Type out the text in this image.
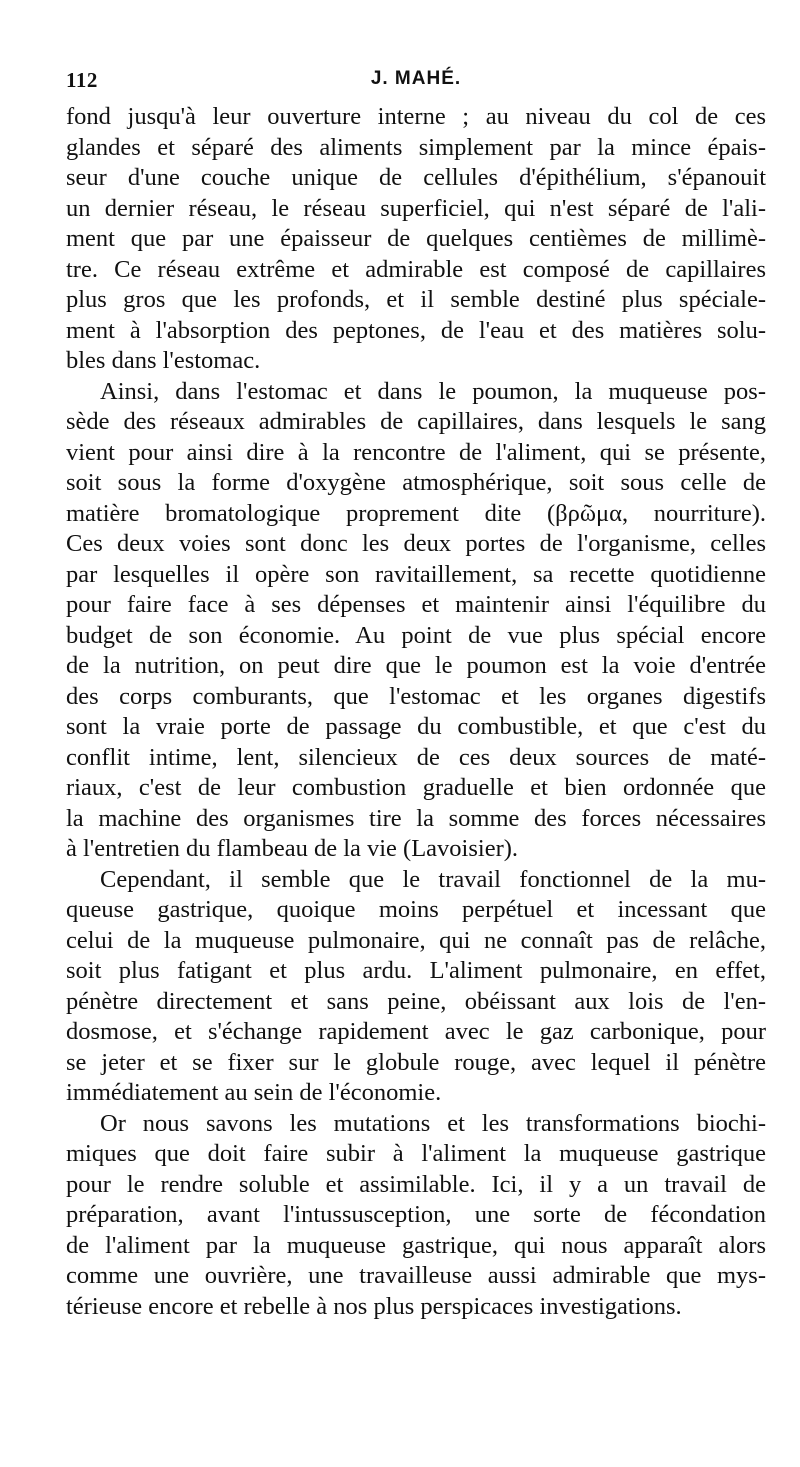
112	J. MAHÉ.

fond jusqu'à leur ouverture interne ; au niveau du col de ces
glandes et séparé des aliments simplement par la mince épais-
seur d'une couche unique de cellules d'épithélium, s'épanouit
un dernier réseau, le réseau superficiel, qui n'est séparé de l'ali-
ment que par une épaisseur de quelques centièmes de millimè-
tre. Ce réseau extrême et admirable est composé de capillaires
plus gros que les profonds, et il semble destiné plus spéciale-
ment à l'absorption des peptones, de l'eau et des matières solu-
bles dans l'estomac.

Ainsi, dans l'estomac et dans le poumon, la muqueuse pos-
sède des réseaux admirables de capillaires, dans lesquels le sang
vient pour ainsi dire à la rencontre de l'aliment, qui se présente,
soit sous la forme d'oxygène atmosphérique, soit sous celle de
matière bromatologique proprement dite (βρῶμα, nourriture).
Ces deux voies sont donc les deux portes de l'organisme, celles
par lesquelles il opère son ravitaillement, sa recette quotidienne
pour faire face à ses dépenses et maintenir ainsi l'équilibre du
budget de son économie. Au point de vue plus spécial encore
de la nutrition, on peut dire que le poumon est la voie d'entrée
des corps comburants, que l'estomac et les organes digestifs
sont la vraie porte de passage du combustible, et que c'est du
conflit intime, lent, silencieux de ces deux sources de maté-
riaux, c'est de leur combustion graduelle et bien ordonnée que
la machine des organismes tire la somme des forces nécessaires
à l'entretien du flambeau de la vie (Lavoisier).

Cependant, il semble que le travail fonctionnel de la mu-
queuse gastrique, quoique moins perpétuel et incessant que
celui de la muqueuse pulmonaire, qui ne connaît pas de relâche,
soit plus fatigant et plus ardu. L'aliment pulmonaire, en effet,
pénètre directement et sans peine, obéissant aux lois de l'en-
dosmose, et s'échange rapidement avec le gaz carbonique, pour
se jeter et se fixer sur le globule rouge, avec lequel il pénètre
immédiatement au sein de l'économie.

Or nous savons les mutations et les transformations biochi-
miques que doit faire subir à l'aliment la muqueuse gastrique
pour le rendre soluble et assimilable. Ici, il y a un travail de
préparation, avant l'intussusception, une sorte de fécondation
de l'aliment par la muqueuse gastrique, qui nous apparaît alors
comme une ouvrière, une travailleuse aussi admirable que mys-
térieuse encore et rebelle à nos plus perspicaces investigations.
